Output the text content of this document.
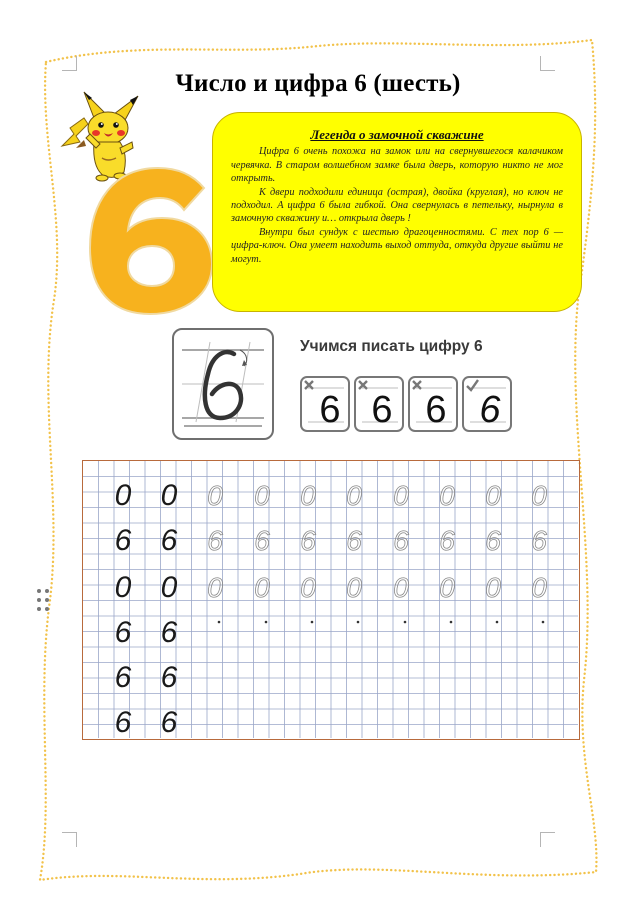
Число и цифра 6 (шесть)
Легенда о замочной скважине

Цифра 6 очень похожа на замок или на свернувшегося калачиком червячка. В старом волшебном замке была дверь, которую никто не мог открыть.

К двери подходили единица (острая), двойка (круглая), но ключ не подходил. А цифра 6 была гибкой. Она свернулась в петельку, нырнула в замочную скважину и… открыла дверь !

Внутри был сундук с шестью драгоценностями. С тех пор 6 — цифра-ключ. Она умеет находить выход оттуда, откуда другие выйти не могут.

Учимся писать цифру 6
6 6 6 6
0 0 0 0 0 0 0 0 0 0
6 6 6 6 6 6 6 6 6 6
0 0 0 0 0 0 0 0 0 0
6 6
6 6
6 6
